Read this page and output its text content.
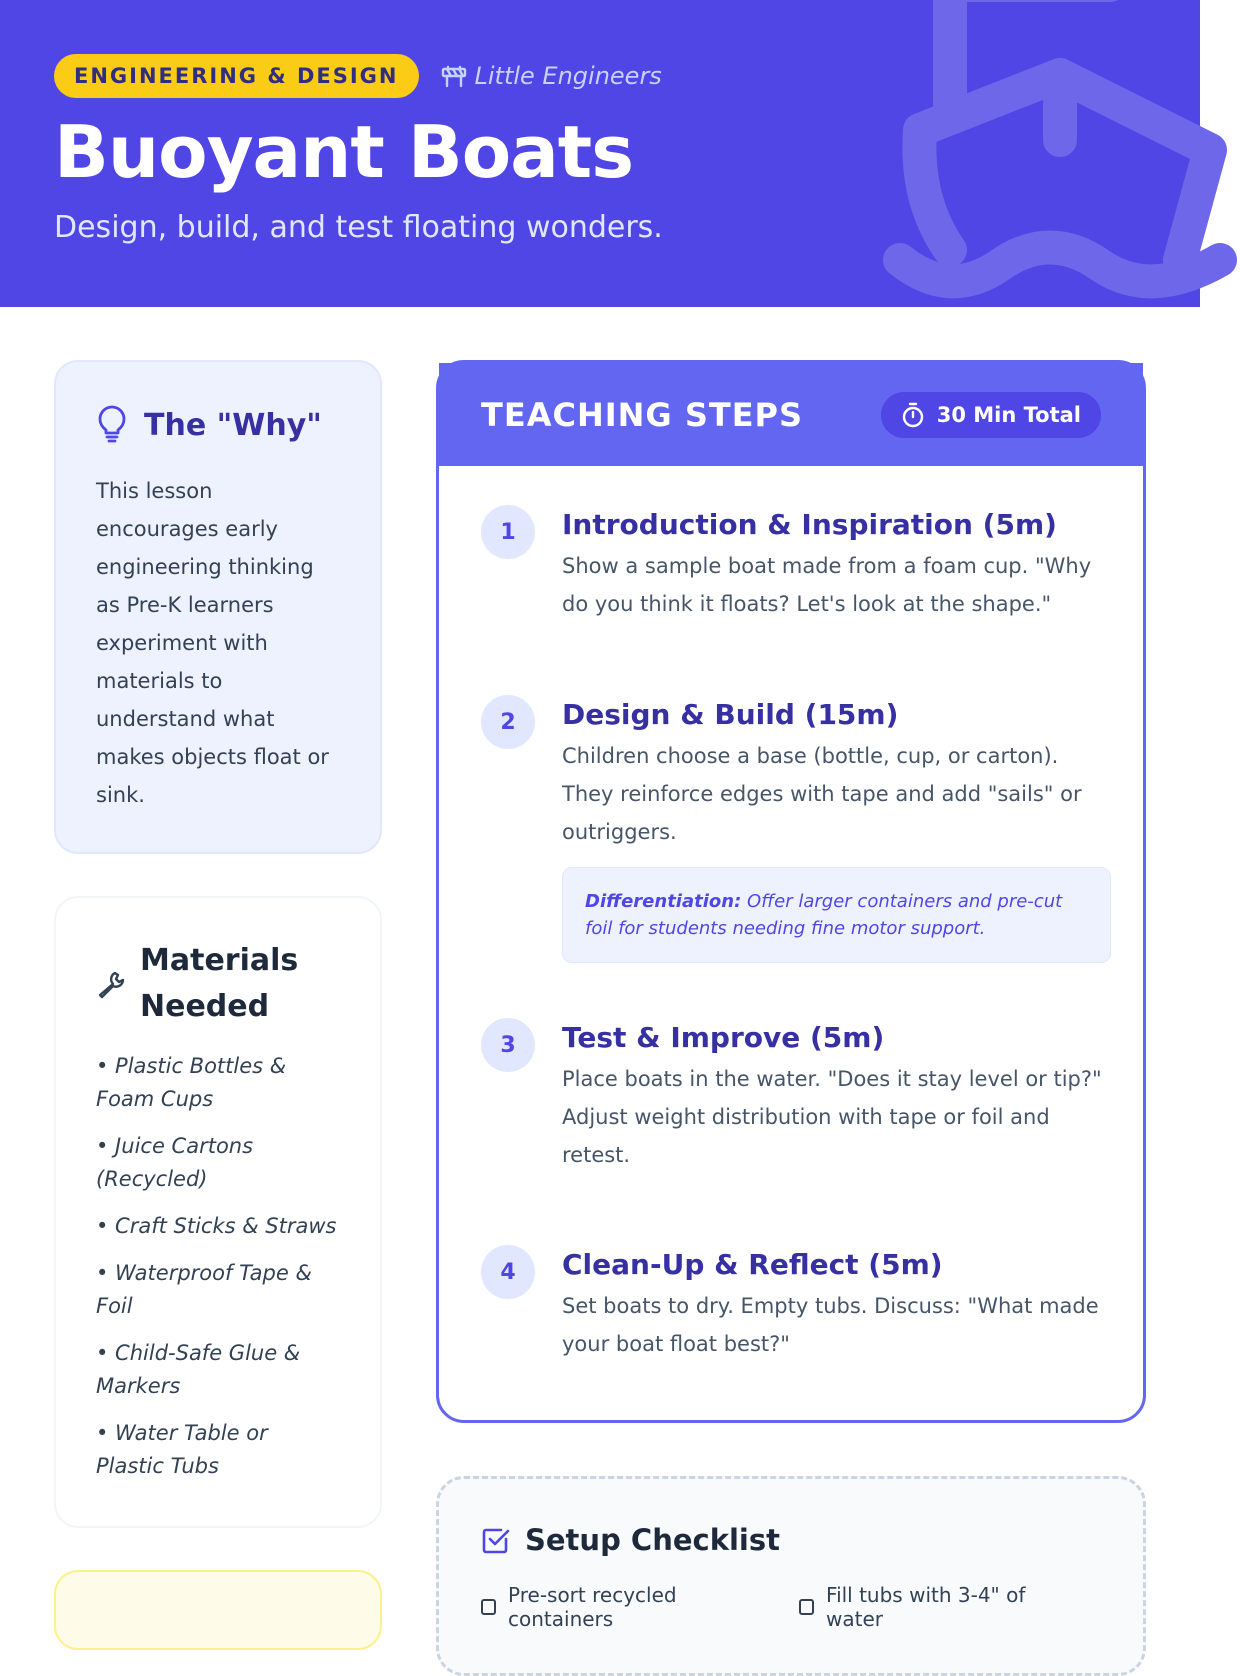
ENGINEERING & DESIGN	Little Engineers
Buoyant Boats

Design, build, and test floating wonders.

The "Why"

This lesson encourages early engineering thinking as Pre-K learners experiment with materials to understand what makes objects float or sink.

Materials Needed
• Plastic Bottles & Foam Cups
• Juice Cartons (Recycled)
• Craft Sticks & Straws
• Waterproof Tape & Foil
• Child-Safe Glue & Markers
• Water Table or Plastic Tubs
TEACHING STEPS	30 Min Total
1	Introduction & Inspiration (5m)

Show a sample boat made from a foam cup. "Why do you think it floats? Let's look at the shape."

2	Design & Build (15m)

Children choose a base (bottle, cup, or carton). They reinforce edges with tape and add "sails" or outriggers.

Differentiation: Offer larger containers and pre-cut foil for students needing fine motor support.
3	Test & Improve (5m)

Place boats in the water. "Does it stay level or tip?" Adjust weight distribution with tape or foil and retest.

4	Clean-Up & Reflect (5m)

Set boats to dry. Empty tubs. Discuss: "What made your boat float best?"

Setup Checklist
Pre-sort recycled containers
Fill tubs with 3-4" of water
